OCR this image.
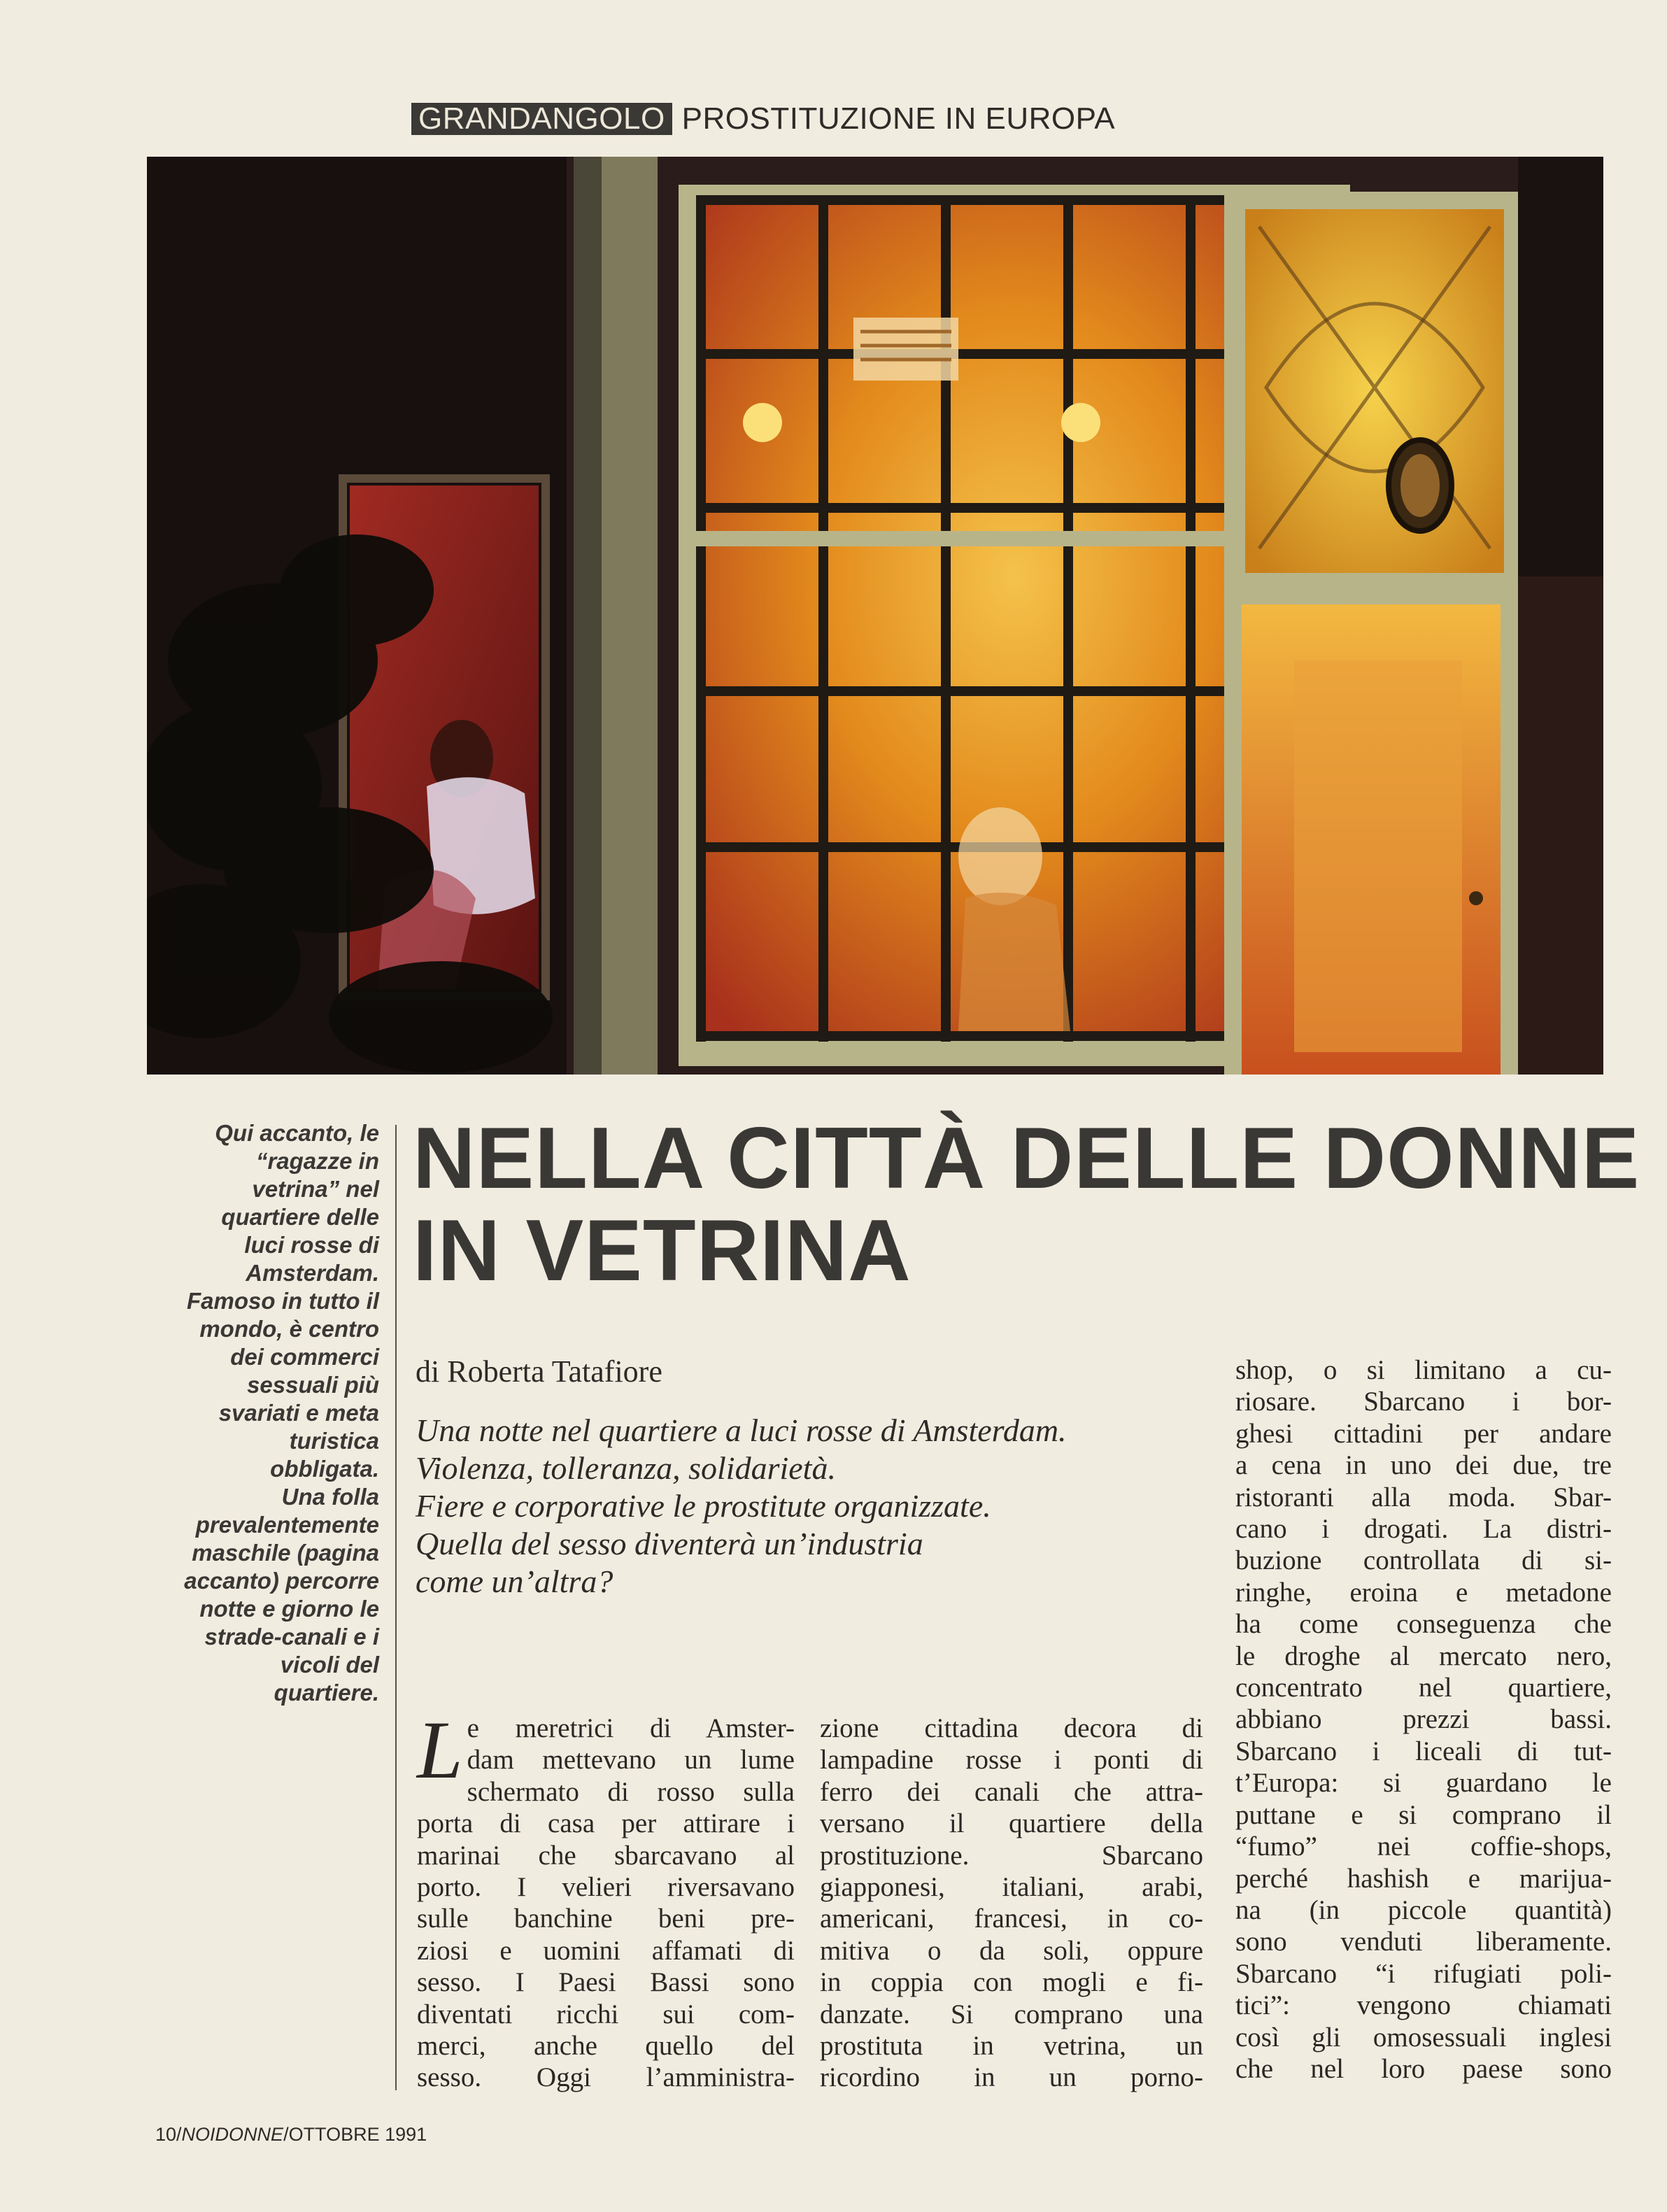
GRANDANGOLO PROSTITUZIONE IN EUROPA
Qui accanto, le
“ragazze in
vetrina” nel
quartiere delle
luci rosse di
Amsterdam.
Famoso in tutto il
mondo, è centro
dei commerci
sessuali più
svariati e meta
turistica
obbligata.
Una folla
prevalentemente
maschile (pagina
accanto) percorre
notte e giorno le
strade-canali e i
vicoli del
quartiere.
NELLA CITTÀ DELLE DONNE
IN VETRINA
di Roberta Tatafiore
Una notte nel quartiere a luci rosse di Amsterdam.
Violenza, tolleranza, solidarietà.
Fiere e corporative le prostitute organizzate.
Quella del sesso diventerà un’industria
come un’altra?
L e meretrici di Amster-
dam mettevano un lume
schermato di rosso sulla
porta di casa per attirare i
marinai che sbarcavano al
porto. I velieri riversavano
sulle banchine beni pre-
ziosi e uomini affamati di
sesso. I Paesi Bassi sono
diventati ricchi sui com-
merci, anche quello del
sesso. Oggi l’amministra-
zione cittadina decora di
lampadine rosse i ponti di
ferro dei canali che attra-
versano il quartiere della
prostituzione. Sbarcano
giapponesi, italiani, arabi,
americani, francesi, in co-
mitiva o da soli, oppure
in coppia con mogli e fi-
danzate. Si comprano una
prostituta in vetrina, un
ricordino in un porno-
shop, o si limitano a cu-
riosare. Sbarcano i bor-
ghesi cittadini per andare
a cena in uno dei due, tre
ristoranti alla moda. Sbar-
cano i drogati. La distri-
buzione controllata di si-
ringhe, eroina e metadone
ha come conseguenza che
le droghe al mercato nero,
concentrato nel quartiere,
abbiano prezzi bassi.
Sbarcano i liceali di tut-
t’Europa: si guardano le
puttane e si comprano il
“fumo” nei coffie-shops,
perché hashish e marijua-
na (in piccole quantità)
sono venduti liberamente.
Sbarcano “i rifugiati poli-
tici”: vengono chiamati
così gli omosessuali inglesi
che nel loro paese sono
10/NOIDONNE/OTTOBRE 1991
